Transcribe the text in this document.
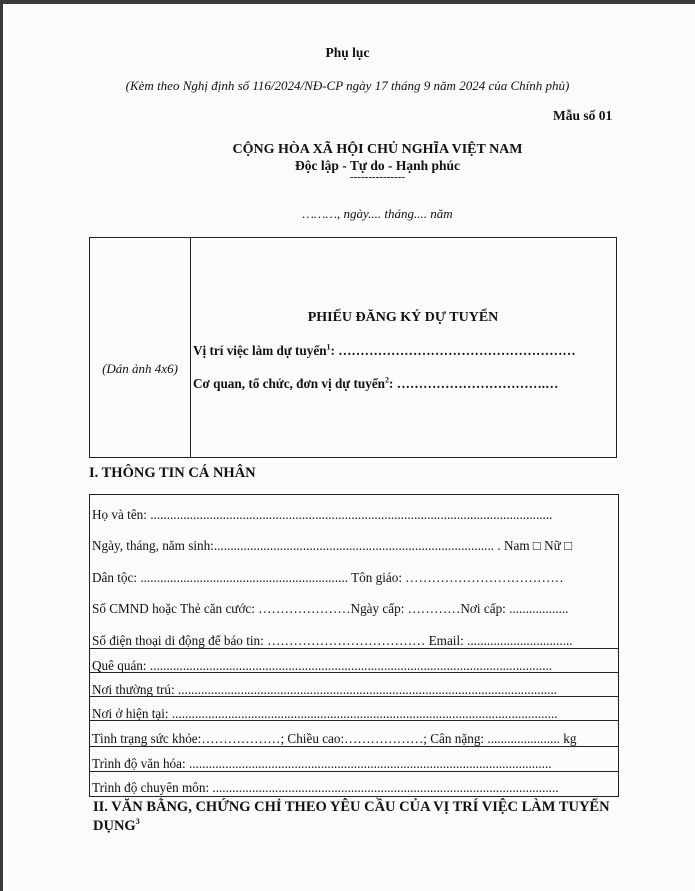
Phụ lục
(Kèm theo Nghị định số 116/2024/NĐ-CP ngày 17 tháng 9 năm 2024 của Chính phủ)
Mẫu số 01
CỘNG HÒA XÃ HỘI CHỦ NGHĨA VIỆT NAM
Độc lập - Tự do - Hạnh phúc
---------------
………, ngày.... tháng.... năm
(Dán ảnh 4x6)
PHIẾU ĐĂNG KÝ DỰ TUYỂN
Vị trí việc làm dự tuyển$^1$: ………………………………………………
Cơ quan, tổ chức, đơn vị dự tuyển$^2$: …………………………….…
I. THÔNG TIN CÁ NHÂN
Họ và tên: ..........................................................................................................................
Ngày, tháng, năm sinh:..................................................................................... . Nam □ Nữ □
Dân tộc: ............................................................... Tôn giáo: ………………………………
Số CMND hoặc Thẻ căn cước: …………………Ngày cấp: …………Nơi cấp: ..................
Số điện thoại di động để báo tin: ……………………………… Email: ................................
Quê quán: ..........................................................................................................................
Nơi thường trú: ...................................................................................................................
Nơi ở hiện tại: .....................................................................................................................
Tình trạng sức khỏe:………………; Chiều cao:………………; Cân nặng: ...................... kg
Trình độ văn hóa: ..............................................................................................................
Trình độ chuyên môn: .........................................................................................................
II. VĂN BẰNG, CHỨNG CHỈ THEO YÊU CẦU CỦA VỊ TRÍ VIỆC LÀM TUYỂN
DỤNG$^3$
